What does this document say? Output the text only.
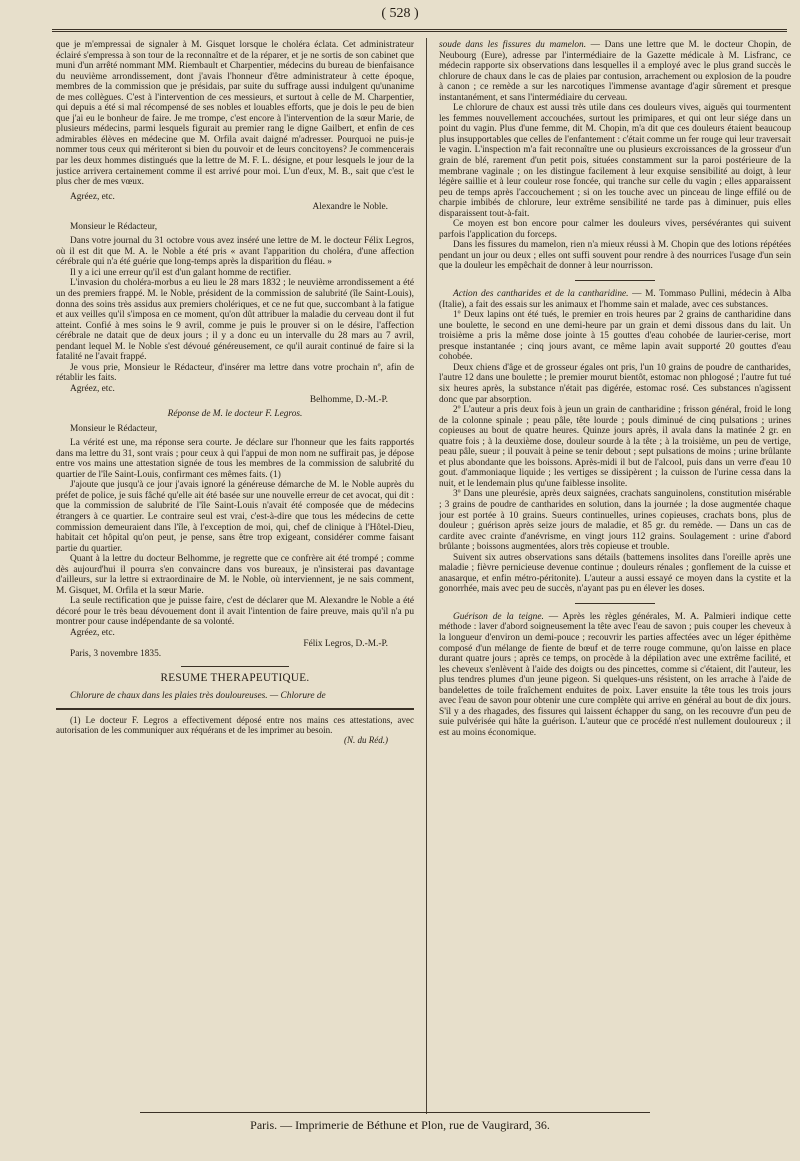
( 528 )

que je m'empressai de signaler à M. Gisquet lorsque le choléra éclata. Cet administrateur éclairé s'empressa à son tour de la reconnaître et de la réparer, et je ne sortis de son cabinet que muni d'un arrêté nommant MM. Riembault et Charpentier, médecins du bureau de bienfaisance du neuvième arrondissement, dont j'avais l'honneur d'être administrateur à cette époque, membres de la commission que je présidais, par suite du suffrage aussi indulgent qu'unanime de mes collègues. C'est à l'intervention de ces messieurs, et surtout à celle de M. Charpentier, qui depuis a été si mal récompensé de ses nobles et louables efforts, que je dois le peu de bien que j'ai eu le bonheur de faire. Je me trompe, c'est encore à l'intervention de la sœur Marie, de plusieurs médecins, parmi lesquels figurait au premier rang le digne Gailbert, et enfin de ces admirables élèves en médecine que M. Orfila avait daigné m'adresser. Pourquoi ne puis-je nommer tous ceux qui mériteront si bien du pouvoir et de leurs concitoyens? Je commencerais par les deux hommes distingués que la lettre de M. F. L. désigne, et pour lesquels le jour de la justice arrivera certainement comme il est arrivé pour moi. L'un d'eux, M. B., sait que c'est le plus cher de mes vœux.

Agréez, etc.

Alexandre le Noble.

Monsieur le Rédacteur,

Dans votre journal du 31 octobre vous avez inséré une lettre de M. le docteur Félix Legros, où il est dit que M. A. le Noble a été pris « avant l'apparition du choléra, d'une affection cérébrale qui n'a été guérie que long-temps après la disparition du fléau. »

Il y a ici une erreur qu'il est d'un galant homme de rectifier.

L'invasion du choléra-morbus a eu lieu le 28 mars 1832 ; le neuvième arrondissement a été un des premiers frappé. M. le Noble, président de la commission de salubrité (île Saint-Louis), donna des soins très assidus aux premiers cholériques, et ce ne fut que, succombant à la fatigue et aux veilles qu'il s'imposa en ce moment, qu'on dût attribuer la maladie du cerveau dont il fut atteint. Confié à mes soins le 9 avril, comme je puis le prouver si on le désire, l'affection cérébrale ne datait que de deux jours ; il y a donc eu un intervalle du 28 mars au 7 avril, pendant lequel M. le Noble s'est dévoué généreusement, ce qu'il aurait continué de faire si la fatalité ne l'avait frappé.

Je vous prie, Monsieur le Rédacteur, d'insérer ma lettre dans votre prochain nº, afin de rétablir les faits.

Agréez, etc.

Belhomme, D.-M.-P.

Réponse de M. le docteur F. Legros.

Monsieur le Rédacteur,

La vérité est une, ma réponse sera courte. Je déclare sur l'honneur que les faits rapportés dans ma lettre du 31, sont vrais ; pour ceux à qui l'appui de mon nom ne suffirait pas, je dépose entre vos mains une attestation signée de tous les membres de la commission de salubrité du quartier de l'île Saint-Louis, confirmant ces mêmes faits. (1)

J'ajoute que jusqu'à ce jour j'avais ignoré la généreuse démarche de M. le Noble auprès du préfet de police, je suis fâché qu'elle ait été basée sur une nouvelle erreur de cet avocat, qui dit : que la commission de salubrité de l'île Saint-Louis n'avait été composée que de médecins étrangers à ce quartier. Le contraire seul est vrai, c'est-à-dire que tous les médecins de cette commission demeuraient dans l'île, à l'exception de moi, qui, chef de clinique à l'Hôtel-Dieu, habitait cet hôpital qu'on peut, je pense, sans être trop exigeant, considérer comme faisant partie du quartier.

Quant à la lettre du docteur Belhomme, je regrette que ce confrère ait été trompé ; comme dès aujourd'hui il pourra s'en convaincre dans vos bureaux, je n'insisterai pas davantage d'ailleurs, sur la lettre si extraordinaire de M. le Noble, où interviennent, je ne sais comment, M. Gisquet, M. Orfila et la sœur Marie.

La seule rectification que je puisse faire, c'est de déclarer que M. Alexandre le Noble a été décoré pour le très beau dévouement dont il avait l'intention de faire preuve, mais qu'il n'a pu montrer pour cause indépendante de sa volonté.

Agréez, etc.

Félix Legros, D.-M.-P.

Paris, 3 novembre 1835.

RESUME THERAPEUTIQUE.

Chlorure de chaux dans les plaies très douloureuses. — Chlorure de

(1) Le docteur F. Legros a effectivement déposé entre nos mains ces attestations, avec autorisation de les communiquer aux réquérans et de les imprimer au besoin.

(N. du Réd.)

soude dans les fissures du mamelon. — Dans une lettre que M. le docteur Chopin, de Neubourg (Eure), adresse par l'intermédiaire de la Gazette médicale à M. Lisfranc, ce médecin rapporte six observations dans lesquelles il a employé avec le plus grand succès le chlorure de chaux dans le cas de plaies par contusion, arrachement ou explosion de la poudre à canon ; ce remède a sur les narcotiques l'immense avantage d'agir sûrement et presque instantanément, et sans l'intermédiaire du cerveau.

Le chlorure de chaux est aussi très utile dans ces douleurs vives, aiguës qui tourmentent les femmes nouvellement accouchées, surtout les primipares, et qui ont leur siége dans un point du vagin. Plus d'une femme, dit M. Chopin, m'a dit que ces douleurs étaient beaucoup plus insupportables que celles de l'enfantement : c'était comme un fer rouge qui leur traversait le vagin. L'inspection m'a fait reconnaître une ou plusieurs excroissances de la grosseur d'un grain de blé, rarement d'un petit pois, situées constamment sur la paroi postérieure de la membrane vaginale ; on les distingue facilement à leur exquise sensibilité au doigt, à leur légère saillie et à leur couleur rose foncée, qui tranche sur celle du vagin ; elles apparaissent peu de temps après l'accouchement ; si on les touche avec un pinceau de linge effilé ou de charpie imbibés de chlorure, leur extrême sensibilité ne tarde pas à diminuer, puis elles disparaissent tout-à-fait.

Ce moyen est bon encore pour calmer les douleurs vives, persévérantes qui suivent parfois l'application du forceps.

Dans les fissures du mamelon, rien n'a mieux réussi à M. Chopin que des lotions répétées pendant un jour ou deux ; elles ont suffi souvent pour rendre à des nourrices l'usage d'un sein que la douleur les empêchait de donner à leur nourrisson.

Action des cantharides et de la cantharidine. — M. Tommaso Pullini, médecin à Alba (Italie), a fait des essais sur les animaux et l'homme sain et malade, avec ces substances.

1º Deux lapins ont été tués, le premier en trois heures par 2 grains de cantharidine dans une boulette, le second en une demi-heure par un grain et demi dissous dans du lait. Un troisième a pris la même dose jointe à 15 gouttes d'eau cohobée de laurier-cerise, mort presque instantanée ; cinq jours avant, ce même lapin avait supporté 20 gouttes d'eau cohobée.

Deux chiens d'âge et de grosseur égales ont pris, l'un 10 grains de poudre de cantharides, l'autre 12 dans une boulette ; le premier mourut bientôt, estomac non phlogosé ; l'autre fut tué six heures après, la substance n'était pas digérée, estomac rosé. Ces substances n'agissent donc que par absorption.

2º L'auteur a pris deux fois à jeun un grain de cantharidine ; frisson général, froid le long de la colonne spinale ; peau pâle, tête lourde ; pouls diminué de cinq pulsations ; urines copieuses au bout de quatre heures. Quinze jours après, il avala dans la matinée 2 gr. en quatre fois ; à la deuxième dose, douleur sourde à la tête ; à la troisième, un peu de vertige, peau pâle, sueur ; il pouvait à peine se tenir debout ; sept pulsations de moins ; urine brûlante et plus abondante que les boissons. Après-midi il but de l'alcool, puis dans un verre d'eau 10 gout. d'ammoniaque liquide ; les vertiges se dissipèrent ; la cuisson de l'urine cessa dans la nuit, et le lendemain plus qu'une faiblesse insolite.

3º Dans une pleurésie, après deux saignées, crachats sanguinolens, constitution misérable ; 3 grains de poudre de cantharides en solution, dans la journée ; la dose augmentée chaque jour est portée à 10 grains. Sueurs continuelles, urines copieuses, crachats bons, plus de douleur ; guérison après seize jours de maladie, et 85 gr. du remède. — Dans un cas de cardite avec crainte d'anévrisme, en vingt jours 112 grains. Soulagement : urine d'abord brûlante ; boissons augmentées, alors très copieuse et trouble.

Suivent six autres observations sans détails (battemens insolites dans l'oreille après une maladie ; fièvre pernicieuse devenue continue ; douleurs rénales ; gonflement de la cuisse et anasarque, et enfin métro-péritonite). L'auteur a aussi essayé ce moyen dans la cystite et la gonorrhée, mais avec peu de succès, n'ayant pas pu en élever les doses.

Guérison de la teigne. — Après les règles générales, M. A. Palmieri indique cette méthode : laver d'abord soigneusement la tête avec l'eau de savon ; puis couper les cheveux à la longueur d'environ un demi-pouce ; recouvrir les parties affectées avec un léger épithème composé d'un mélange de fiente de bœuf et de terre rouge commune, qu'on laisse en place durant quatre jours ; après ce temps, on procède à la dépilation avec une extrême facilité, et les cheveux s'enlèvent à l'aide des doigts ou des pincettes, comme si c'étaient, dit l'auteur, les plus tendres plumes d'un jeune pigeon. Si quelques-uns résistent, on les arrache à l'aide de bandelettes de toile fraîchement enduites de poix. Laver ensuite la tête tous les trois jours avec l'eau de savon pour obtenir une cure complète qui arrive en général au bout de dix jours. S'il y a des rhagades, des fissures qui laissent échapper du sang, on les recouvre d'un peu de suie pulvérisée qui hâte la guérison. L'auteur que ce procédé n'est nullement douloureux ; il est au moins économique.

Paris. — Imprimerie de Béthune et Plon, rue de Vaugirard, 36.
